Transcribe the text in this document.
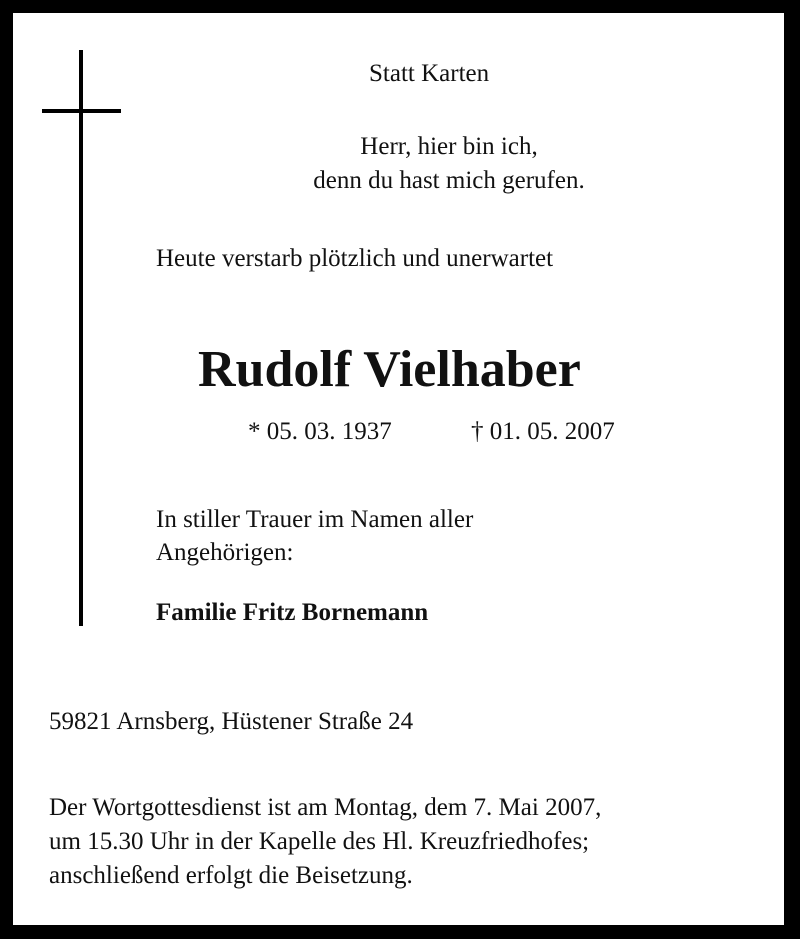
Statt Karten
Herr, hier bin ich,
denn du hast mich gerufen.
Heute verstarb plötzlich und unerwartet
Rudolf Vielhaber
* 05. 03. 1937	† 01. 05. 2007
In stiller Trauer im Namen aller
Angehörigen:
Familie Fritz Bornemann
59821 Arnsberg, Hüstener Straße 24
Der Wortgottesdienst ist am Montag, dem 7. Mai 2007,
um 15.30 Uhr in der Kapelle des Hl. Kreuzfriedhofes;
anschließend erfolgt die Beisetzung.
